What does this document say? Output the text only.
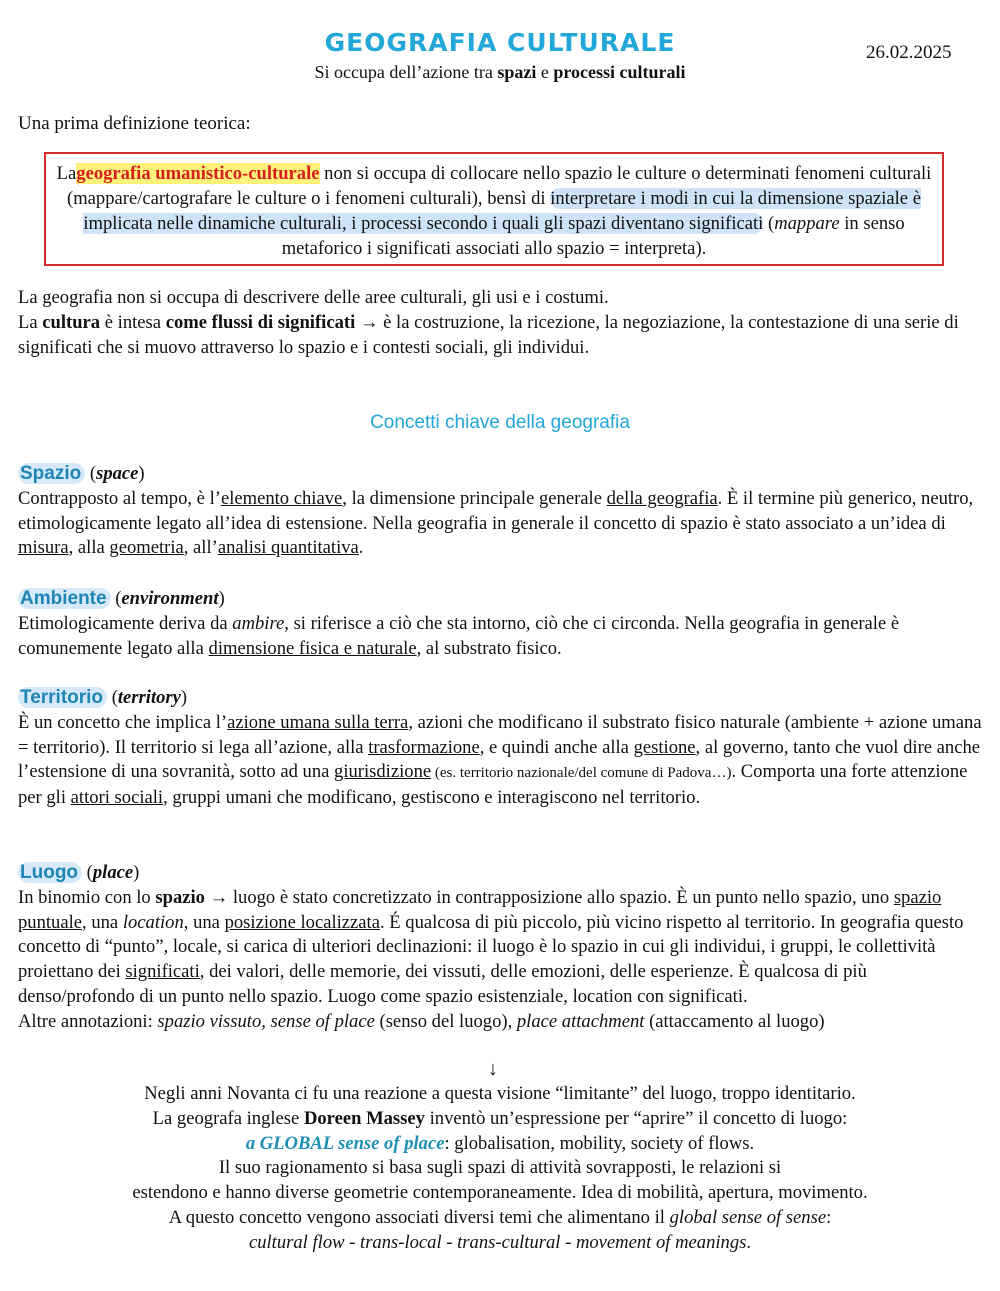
GEOGRAFIA CULTURALE	26.02.2025
Si occupa dell’azione tra spazi e processi culturali
Una prima definizione teorica:
Lageografia umanistico-culturale non si occupa di collocare nello spazio le culture o determinati fenomeni culturali (mappare/cartografare le culture o i fenomeni culturali), bensì di interpretare i modi in cui la dimensione spaziale è implicata nelle dinamiche culturali, i processi secondo i quali gli spazi diventano significati (mappare in senso metaforico i significati associati allo spazio = interpreta).
La geografia non si occupa di descrivere delle aree culturali, gli usi e i costumi.
La cultura è intesa come flussi di significati → è la costruzione, la ricezione, la negoziazione, la contestazione di una serie di significati che si muovo attraverso lo spazio e i contesti sociali, gli individui.
Concetti chiave della geografia
Spazio (space)
Contrapposto al tempo, è l’elemento chiave, la dimensione principale generale della geografia. È il termine più generico, neutro, etimologicamente legato all’idea di estensione. Nella geografia in generale il concetto di spazio è stato associato a un’idea di misura, alla geometria, all’analisi quantitativa.
Ambiente (environment)
Etimologicamente deriva da ambire, si riferisce a ciò che sta intorno, ciò che ci circonda. Nella geografia in generale è comunemente legato alla dimensione fisica e naturale, al substrato fisico.
Territorio (territory)
È un concetto che implica l’azione umana sulla terra, azioni che modificano il substrato fisico naturale (ambiente + azione umana = territorio). Il territorio si lega all’azione, alla trasformazione, e quindi anche alla gestione, al governo, tanto che vuol dire anche l’estensione di una sovranità, sotto ad una giurisdizione (es. territorio nazionale/del comune di Padova…). Comporta una forte attenzione per gli attori sociali, gruppi umani che modificano, gestiscono e interagiscono nel territorio.
Luogo (place)
In binomio con lo spazio → luogo è stato concretizzato in contrapposizione allo spazio. È un punto nello spazio, uno spazio puntuale, una location, una posizione localizzata. É qualcosa di più piccolo, più vicino rispetto al territorio. In geografia questo concetto di “punto”, locale, si carica di ulteriori declinazioni: il luogo è lo spazio in cui gli individui, i gruppi, le collettività proiettano dei significati, dei valori, delle memorie, dei vissuti, delle emozioni, delle esperienze. È qualcosa di più denso/profondo di un punto nello spazio. Luogo come spazio esistenziale, location con significati.
Altre annotazioni: spazio vissuto, sense of place (senso del luogo), place attachment (attaccamento al luogo)
↓
Negli anni Novanta ci fu una reazione a questa visione “limitante” del luogo, troppo identitario.
La geografa inglese Doreen Massey inventò un’espressione per “aprire” il concetto di luogo:
a GLOBAL sense of place: globalisation, mobility, society of flows.
Il suo ragionamento si basa sugli spazi di attività sovrapposti, le relazioni si
estendono e hanno diverse geometrie contemporaneamente. Idea di mobilità, apertura, movimento.
A questo concetto vengono associati diversi temi che alimentano il global sense of sense:
cultural flow - trans-local - trans-cultural - movement of meanings.
